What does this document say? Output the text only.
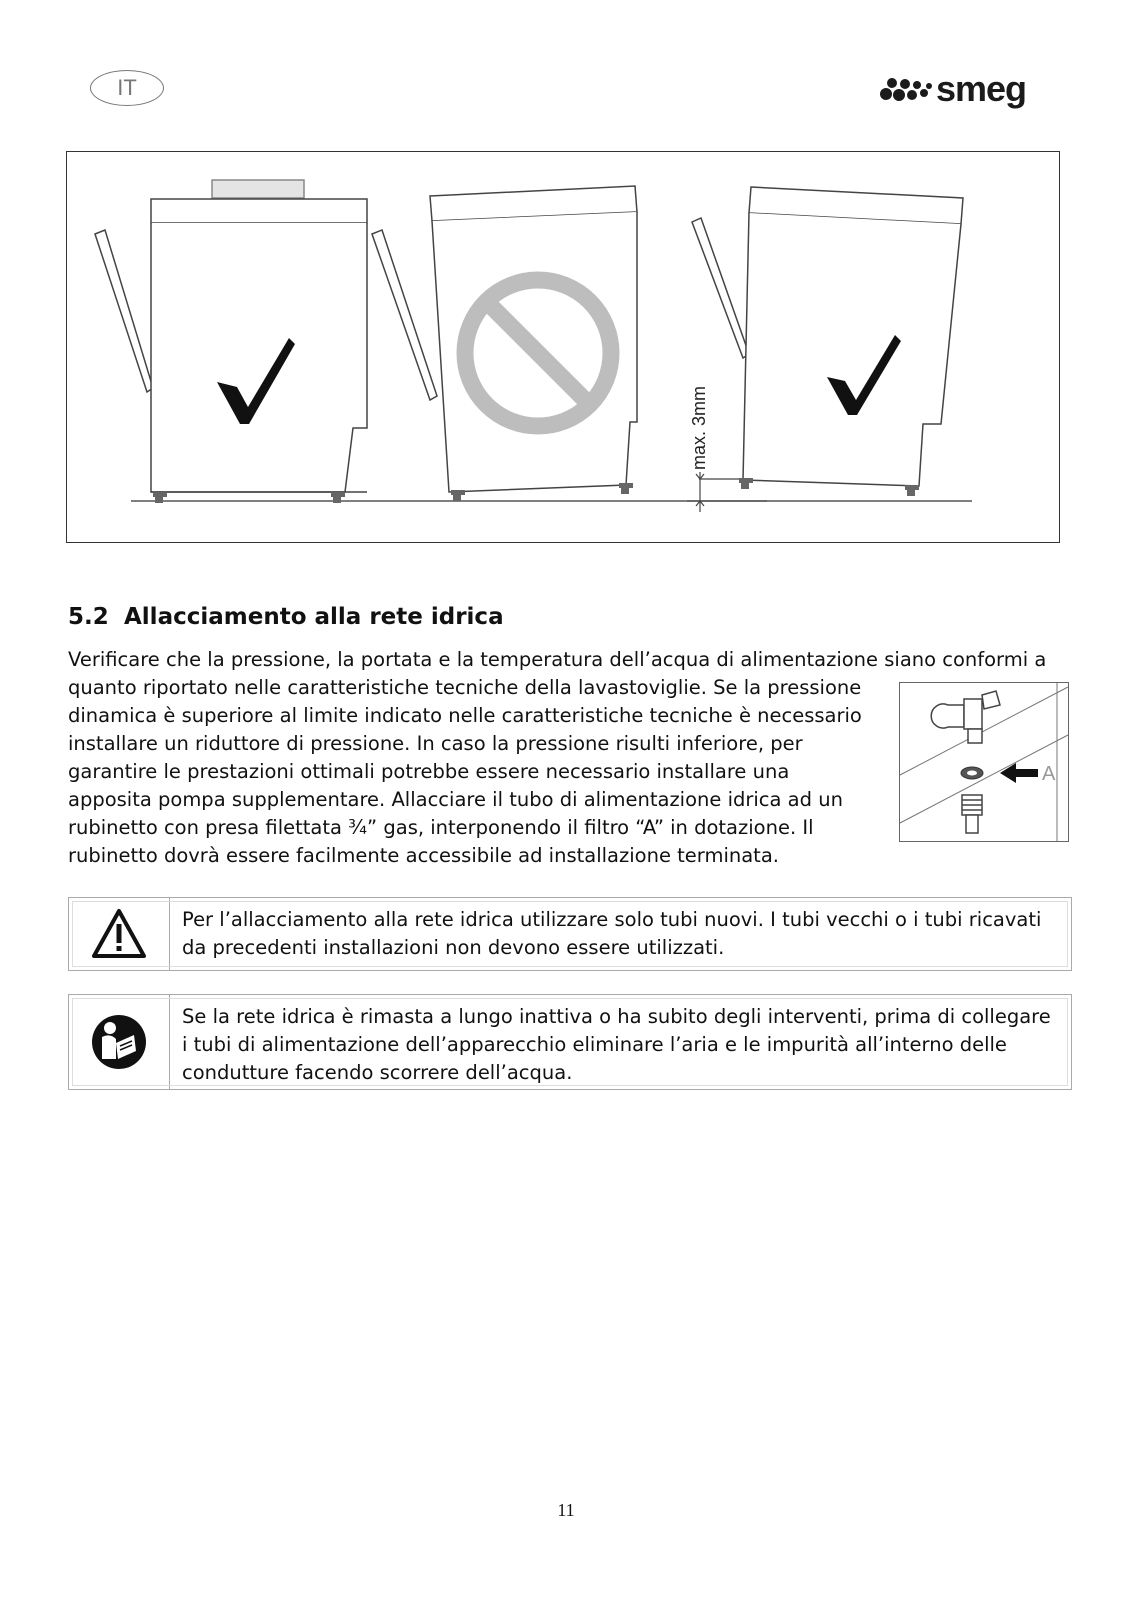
IT	smeg
max. 3mm
5.2 Allacciamento alla rete idrica
Verificare che la pressione, la portata e la temperatura dell’acqua di alimentazione siano conformi a
quanto riportato nelle caratteristiche tecniche della lavastoviglie. Se la pressione dinamica è superiore al limite indicato nelle caratteristiche tecniche è necessario installare un riduttore di pressione. In caso la pressione risulti inferiore, per garantire le prestazioni ottimali potrebbe essere necessario installare una apposita pompa supplementare. Allacciare il tubo di alimentazione idrica ad un rubinetto con presa filettata ¾” gas, interponendo il filtro “A” in dotazione. Il rubinetto dovrà essere facilmente accessibile ad installazione terminata.
A
Per l’allacciamento alla rete idrica utilizzare solo tubi nuovi. I tubi vecchi o i tubi ricavati da precedenti installazioni non devono essere utilizzati.
Se la rete idrica è rimasta a lungo inattiva o ha subito degli interventi, prima di collegare i tubi di alimentazione dell’apparecchio eliminare l’aria e le impurità all’interno delle condutture facendo scorrere dell’acqua.
11
